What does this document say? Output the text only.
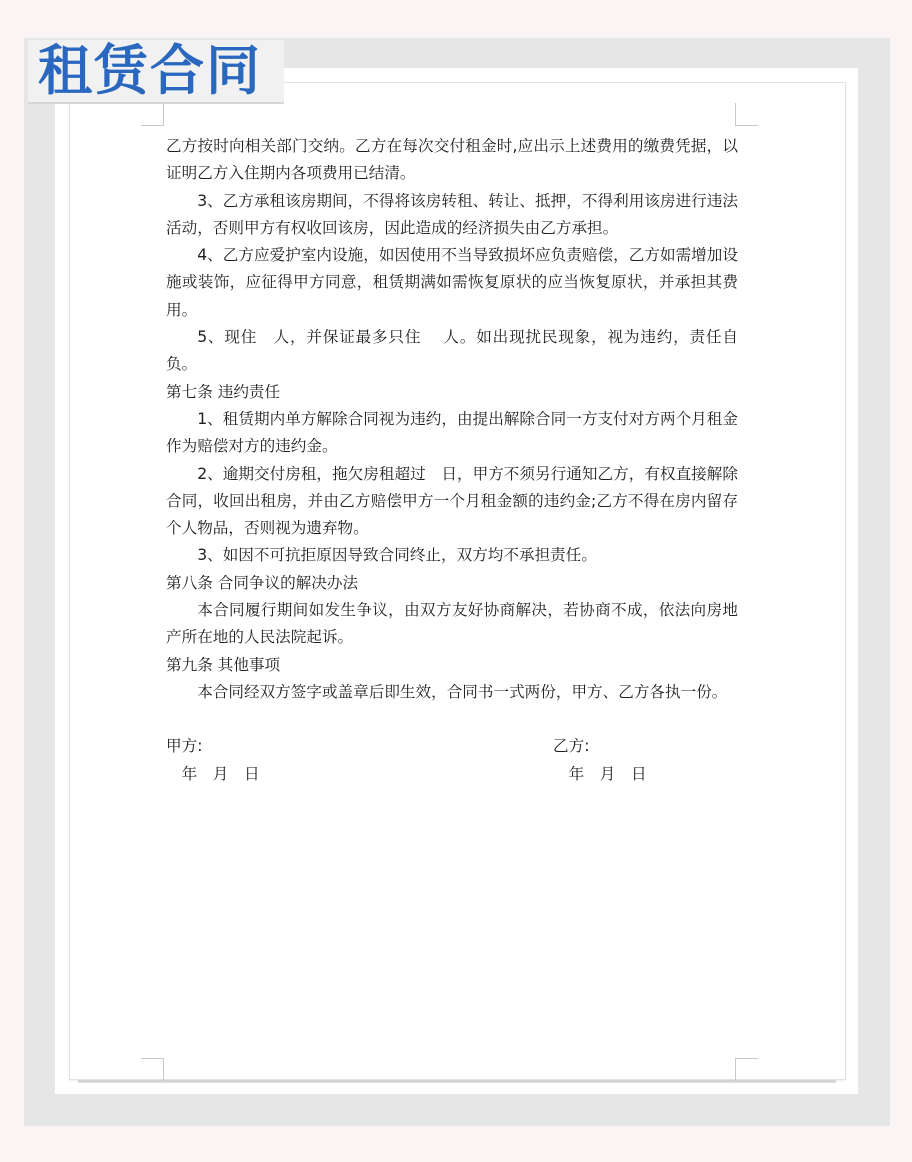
租赁合同

乙方按时向相关部门交纳。乙方在每次交付租金时,应出示上述费用的缴费凭据，以证明乙方入住期内各项费用已结清。

3、乙方承租该房期间，不得将该房转租、转让、抵押，不得利用该房进行违法活动，否则甲方有权收回该房，因此造成的经济损失由乙方承担。

4、乙方应爱护室内设施，如因使用不当导致损坏应负责赔偿，乙方如需增加设施或装饰，应征得甲方同意，租赁期满如需恢复原状的应当恢复原状，并承担其费用。

5、现住　人，并保证最多只住　 人。如出现扰民现象，视为违约，责任自负。

第七条 违约责任

1、租赁期内单方解除合同视为违约，由提出解除合同一方支付对方两个月租金作为赔偿对方的违约金。

2、逾期交付房租，拖欠房租超过　日，甲方不须另行通知乙方，有权直接解除合同，收回出租房，并由乙方赔偿甲方一个月租金额的违约金;乙方不得在房内留存个人物品，否则视为遗弃物。

3、如因不可抗拒原因导致合同终止，双方均不承担责任。

第八条 合同争议的解决办法

本合同履行期间如发生争议，由双方友好协商解决，若协商不成，依法向房地产所在地的人民法院起诉。

第九条 其他事项

本合同经双方签字或盖章后即生效，合同书一式两份，甲方、乙方各执一份。

甲方:	乙方:
　年　月　日	　年　月　日
